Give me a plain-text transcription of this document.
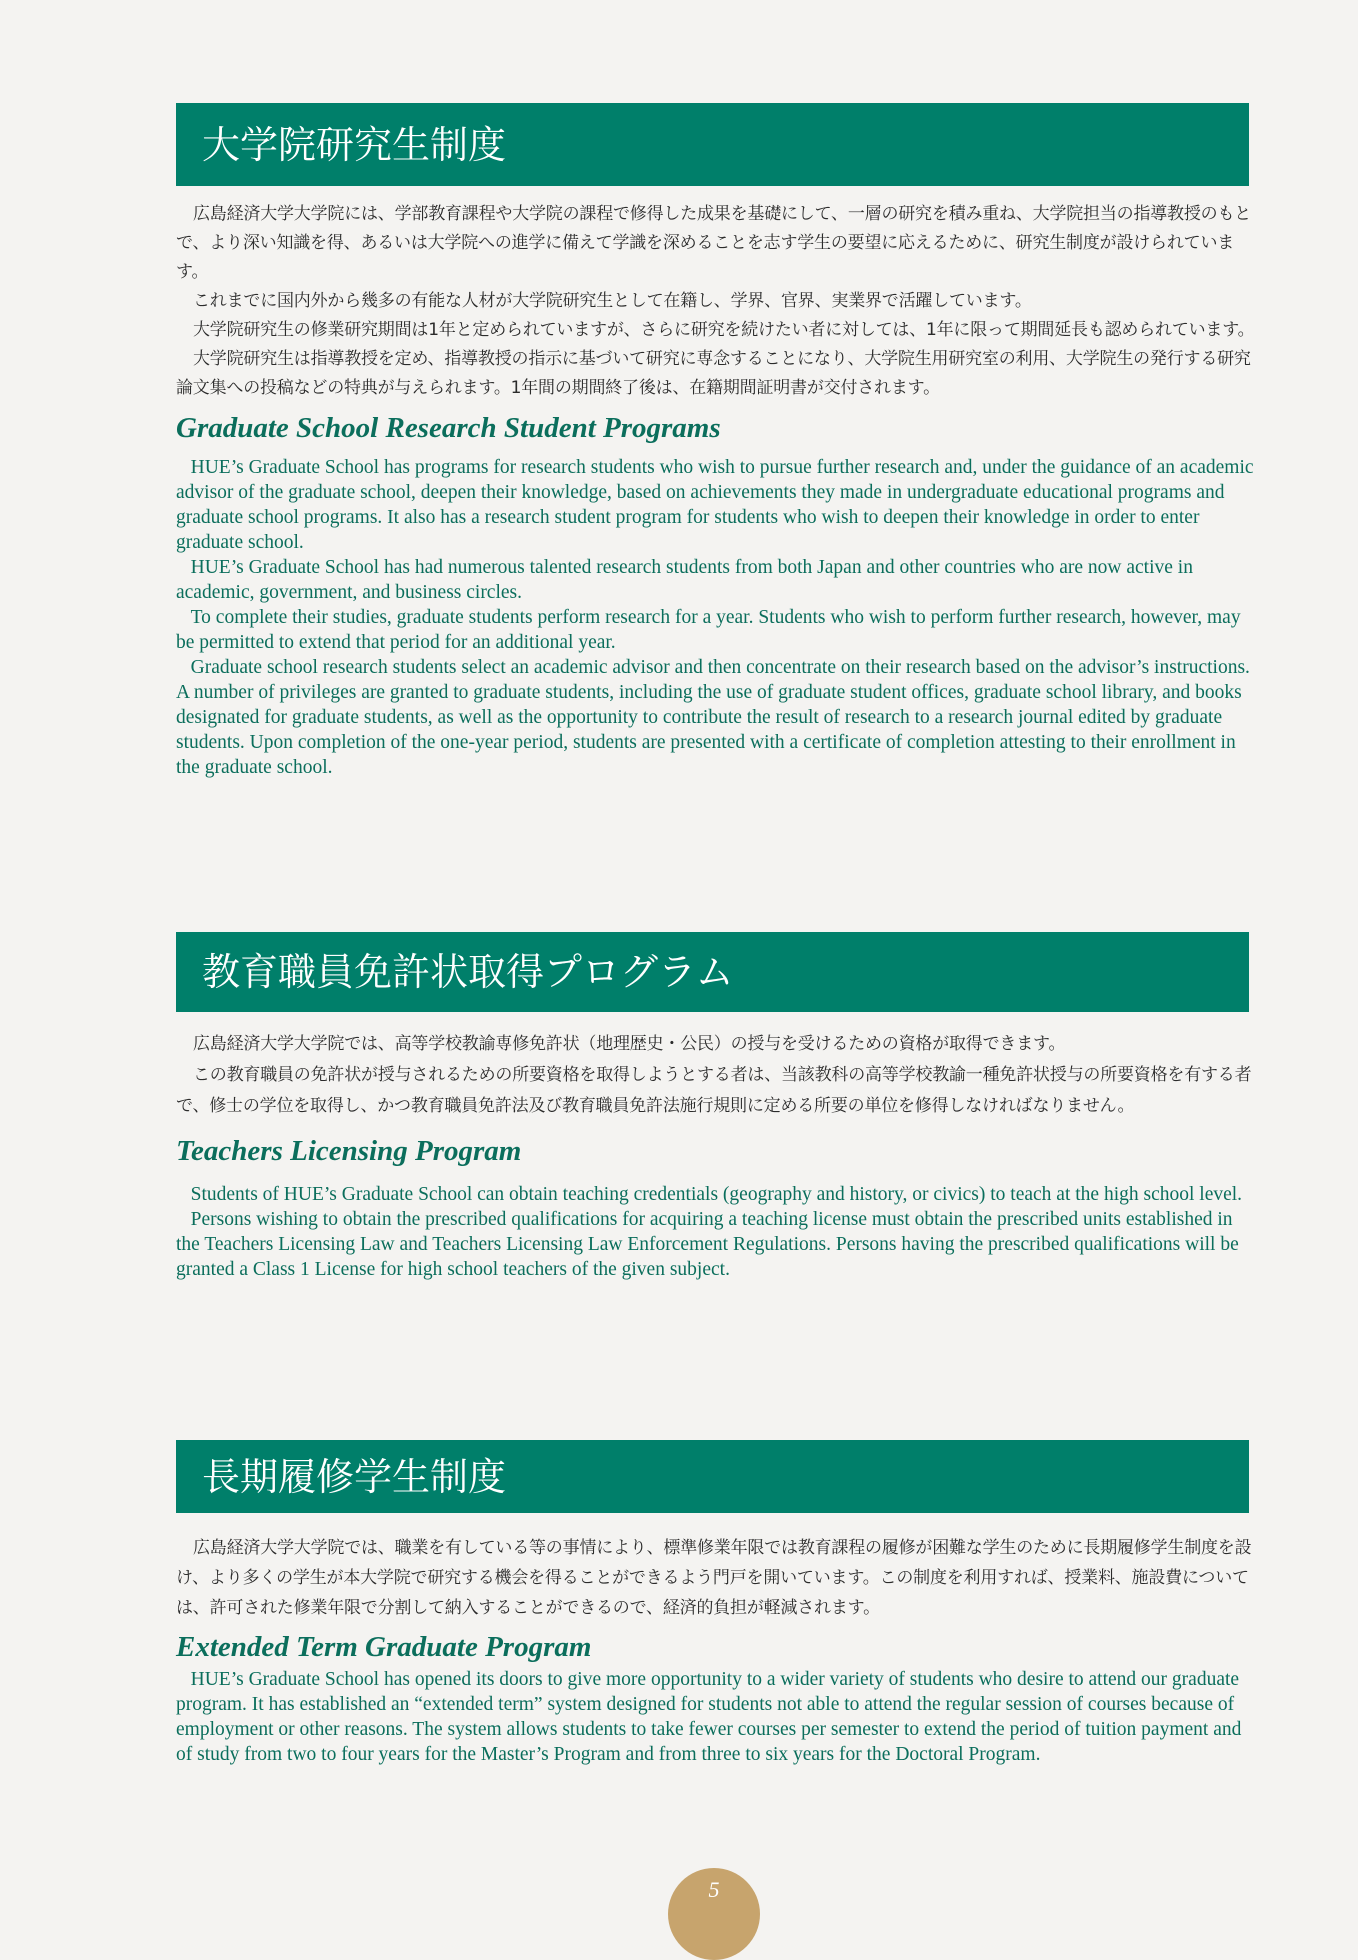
大学院研究生制度

広島経済大学大学院には、学部教育課程や大学院の課程で修得した成果を基礎にして、一層の研究を積み重ね、大学院担当の指導教授のもとで、より深い知識を得、あるいは大学院への進学に備えて学識を深めることを志す学生の要望に応えるために、研究生制度が設けられています。

これまでに国内外から幾多の有能な人材が大学院研究生として在籍し、学界、官界、実業界で活躍しています。

大学院研究生の修業研究期間は1年と定められていますが、さらに研究を続けたい者に対しては、1年に限って期間延長も認められています。

大学院研究生は指導教授を定め、指導教授の指示に基づいて研究に専念することになり、大学院生用研究室の利用、大学院生の発行する研究論文集への投稿などの特典が与えられます。1年間の期間終了後は、在籍期間証明書が交付されます。

Graduate School Research Student Programs

HUE’s Graduate School has programs for research students who wish to pursue further research and, under the guidance of an academic advisor of the graduate school, deepen their knowledge, based on achievements they made in undergraduate educational programs and graduate school programs. It also has a research student program for students who wish to deepen their knowledge in order to enter graduate school.

HUE’s Graduate School has had numerous talented research students from both Japan and other countries who are now active in academic, government, and business circles.

To complete their studies, graduate students perform research for a year. Students who wish to perform further research, however, may be permitted to extend that period for an additional year.

Graduate school research students select an academic advisor and then concentrate on their research based on the advisor’s instructions. A number of privileges are granted to graduate students, including the use of graduate student offices, graduate school library, and books designated for graduate students, as well as the opportunity to contribute the result of research to a research journal edited by graduate students. Upon completion of the one-year period, students are presented with a certificate of completion attesting to their enrollment in the graduate school.

教育職員免許状取得プログラム

広島経済大学大学院では、高等学校教諭専修免許状（地理歴史・公民）の授与を受けるための資格が取得できます。

この教育職員の免許状が授与されるための所要資格を取得しようとする者は、当該教科の高等学校教諭一種免許状授与の所要資格を有する者で、修士の学位を取得し、かつ教育職員免許法及び教育職員免許法施行規則に定める所要の単位を修得しなければなりません。

Teachers Licensing Program

Students of HUE’s Graduate School can obtain teaching credentials (geography and history, or civics) to teach at the high school level.

Persons wishing to obtain the prescribed qualifications for acquiring a teaching license must obtain the prescribed units established in the Teachers Licensing Law and Teachers Licensing Law Enforcement Regulations. Persons having the prescribed qualifications will be granted a Class 1 License for high school teachers of the given subject.

長期履修学生制度

広島経済大学大学院では、職業を有している等の事情により、標準修業年限では教育課程の履修が困難な学生のために長期履修学生制度を設け、より多くの学生が本大学院で研究する機会を得ることができるよう門戸を開いています。この制度を利用すれば、授業料、施設費については、許可された修業年限で分割して納入することができるので、経済的負担が軽減されます。

Extended Term Graduate Program

HUE’s Graduate School has opened its doors to give more opportunity to a wider variety of students who desire to attend our graduate program. It has established an “extended term” system designed for students not able to attend the regular session of courses because of employment or other reasons. The system allows students to take fewer courses per semester to extend the period of tuition payment and of study from two to four years for the Master’s Program and from three to six years for the Doctoral Program.

5
